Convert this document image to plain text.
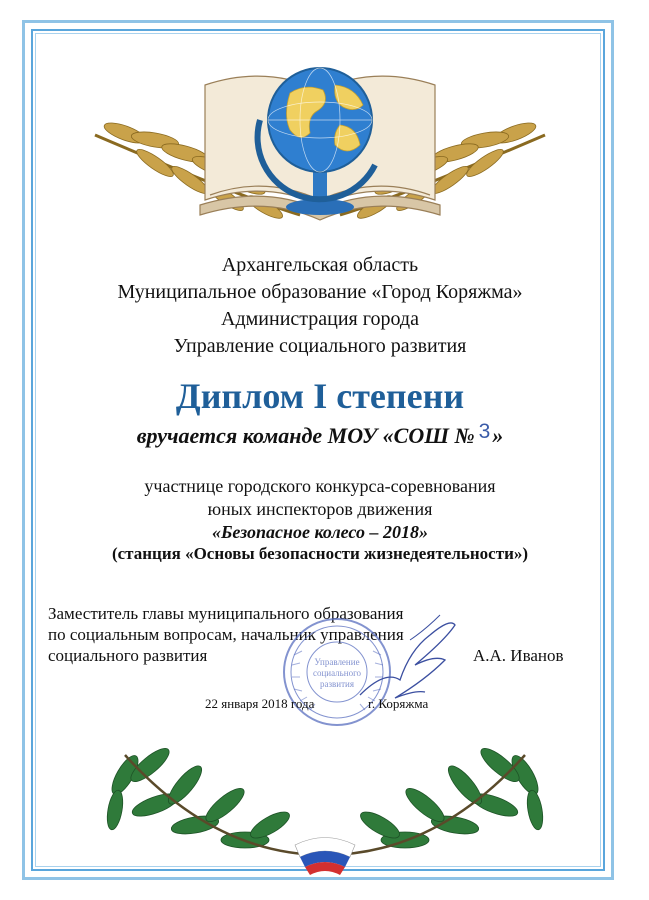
Архангельская область
Муниципальное образование «Город Коряжма»
Администрация города
Управление социального развития
Диплом I степени
вручается команде МОУ «СОШ № 3»
участнице городского конкурса-соревнования
юных инспекторов движения
«Безопасное колесо – 2018»
(станция «Основы безопасности жизнедеятельности»)
Заместитель главы муниципального образования
по социальным вопросам, начальник управления
социального развития	А.А. Иванов
Управление
социального
развития
22 января 2018 года	г. Коряжма
